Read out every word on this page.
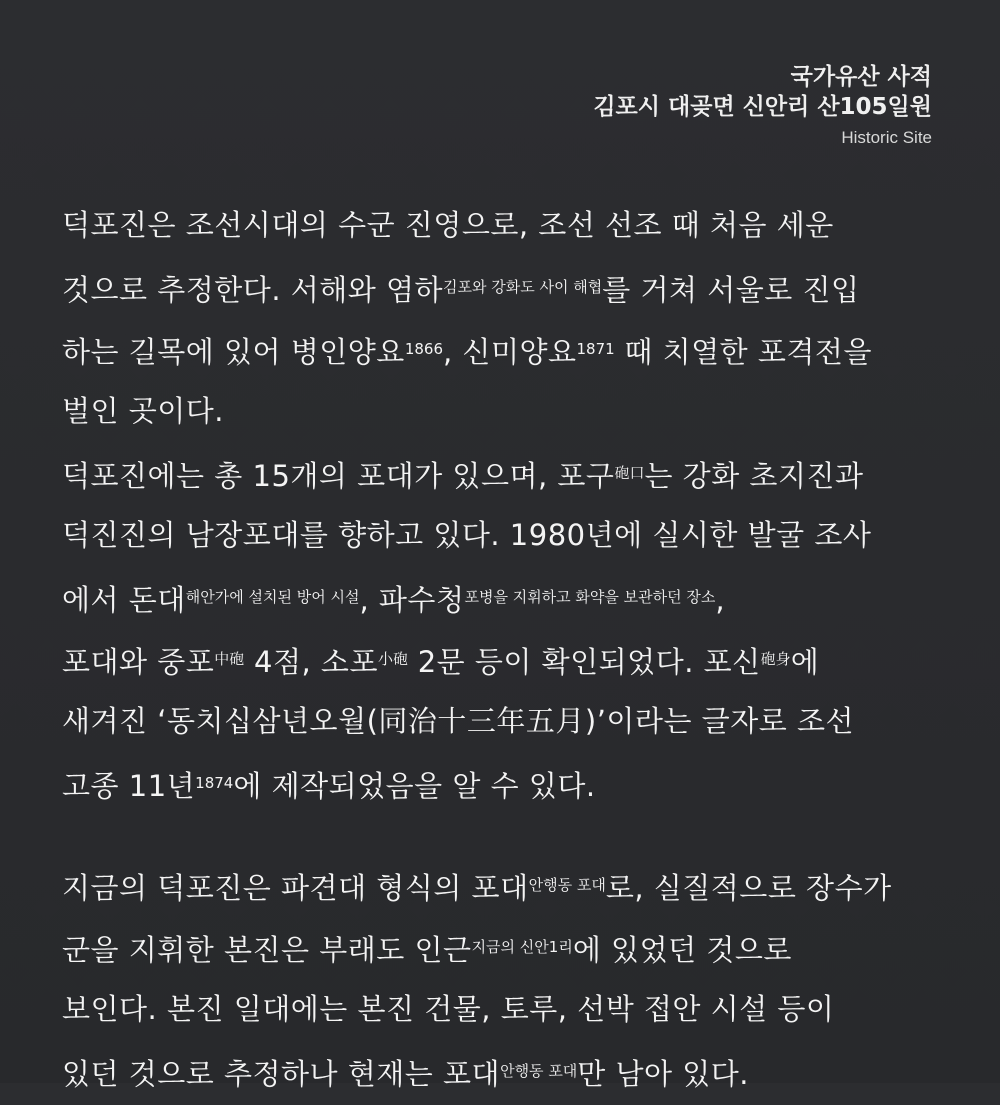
국가유산 사적
김포시 대곶면 신안리 산105일원
Historic Site
덕포진은 조선시대의 수군 진영으로, 조선 선조 때 처음 세운
것으로 추정한다. 서해와 염하$^{김포와 강화도 사이 해협}$를 거쳐 서울로 진입
하는 길목에 있어 병인양요$^{1866}$, 신미양요$^{1871}$ 때 치열한 포격전을
벌인 곳이다.
덕포진에는 총 15개의 포대가 있으며, 포구$^{砲口}$는 강화 초지진과
덕진진의 남장포대를 향하고 있다. 1980년에 실시한 발굴 조사
에서 돈대$^{해안가에 설치된 방어 시설}$, 파수청$^{포병을 지휘하고 화약을 보관하던 장소}$,
포대와 중포$^{中砲}$ 4점, 소포$^{小砲}$ 2문 등이 확인되었다. 포신$^{砲身}$에
새겨진 ‘동치십삼년오월(同治十三年五月)’이라는 글자로 조선
고종 11년$^{1874}$에 제작되었음을 알 수 있다.
지금의 덕포진은 파견대 형식의 포대$^{안행동 포대}$로, 실질적으로 장수가
군을 지휘한 본진은 부래도 인근$^{지금의 신안1리}$에 있었던 것으로
보인다. 본진 일대에는 본진 건물, 토루, 선박 접안 시설 등이
있던 것으로 추정하나 현재는 포대$^{안행동 포대}$만 남아 있다.
